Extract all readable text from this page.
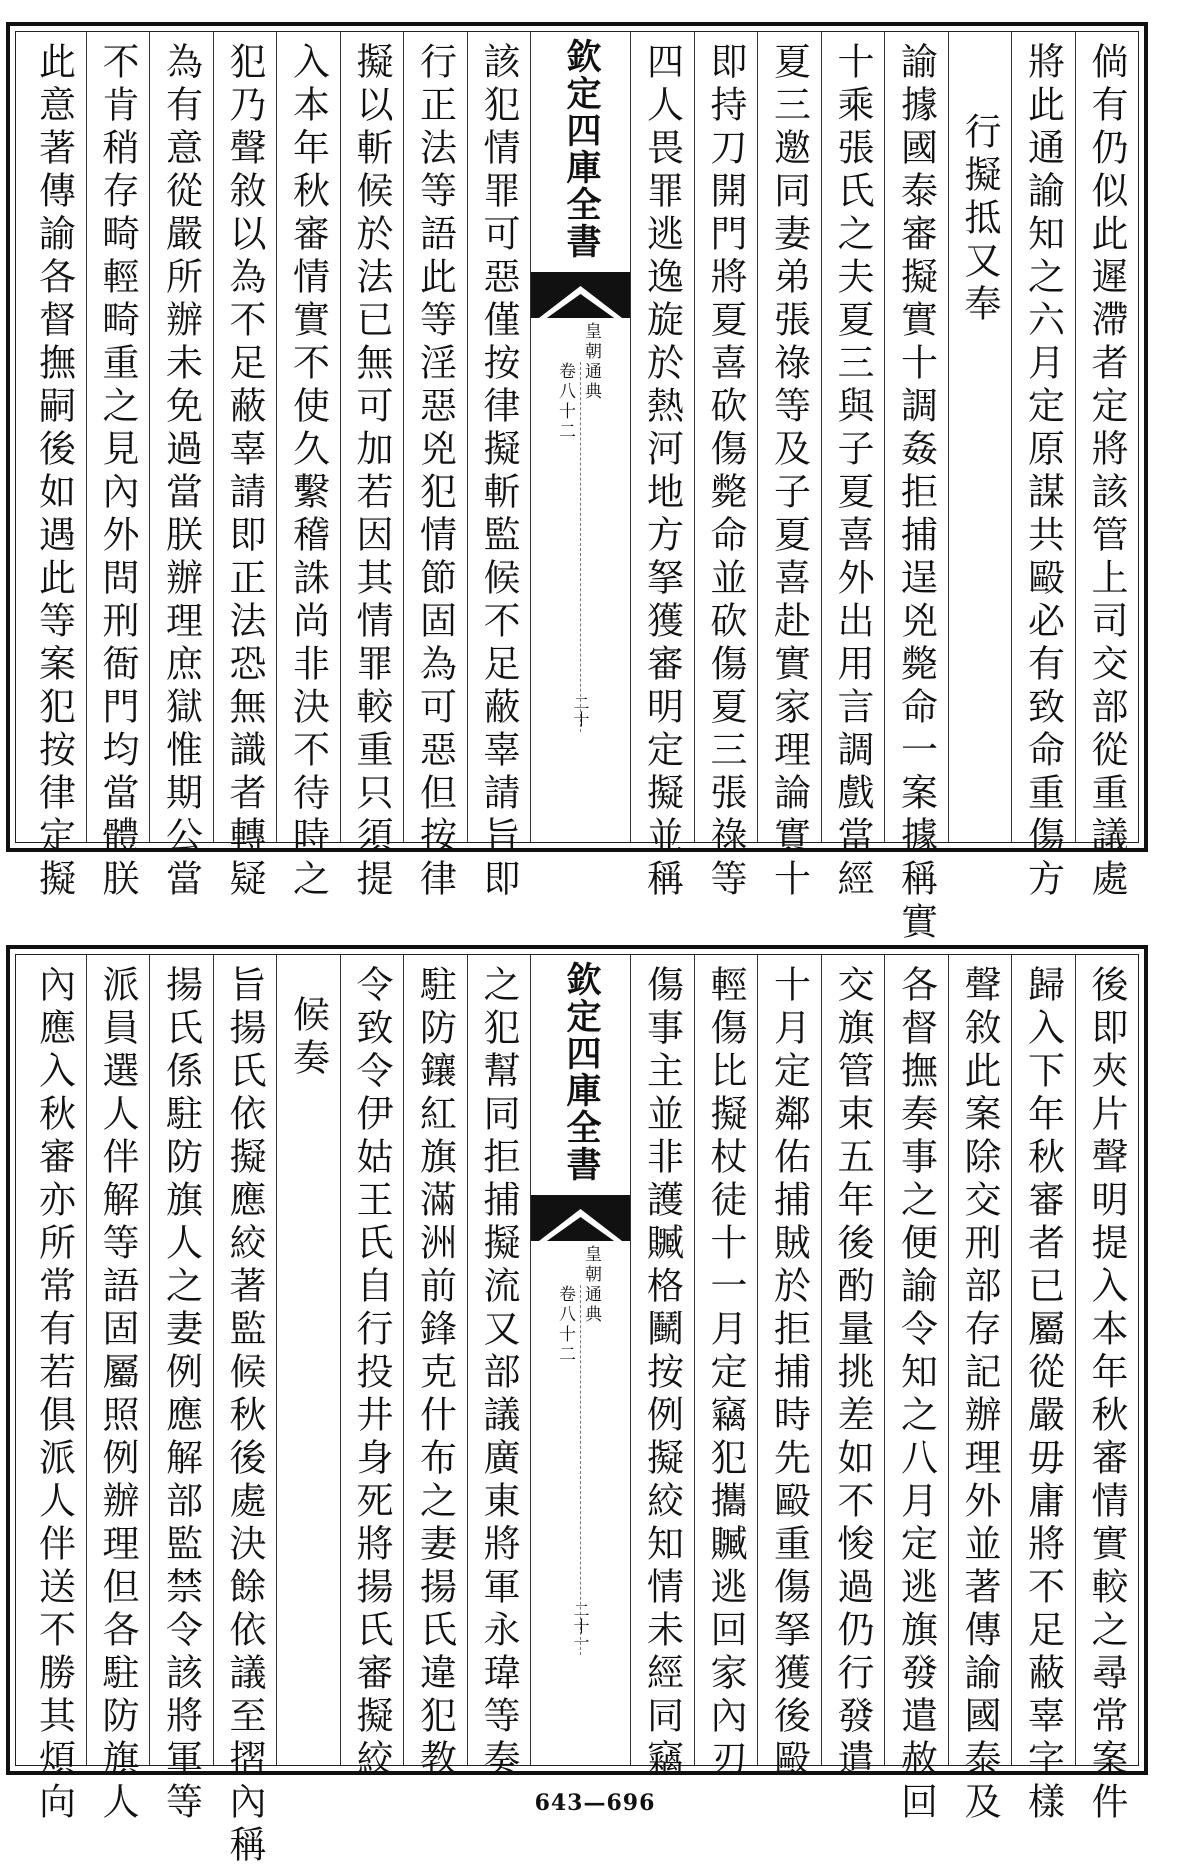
倘有仍似此遲滯者定將該管上司交部從重議處
將此通諭知之六月定原謀共毆必有致命重傷方
行擬抵又奉
諭據國泰審擬實十調姦拒捕逞兇斃命一案據稱實
十乘張氏之夫夏三與子夏喜外出用言調戲當經
夏三邀同妻弟張祿等及子夏喜赴實家理論實十
即持刀開門將夏喜砍傷斃命並砍傷夏三張祿等
四人畏罪逃逸旋於熱河地方拏獲審明定擬並稱
欽定四庫全書
皇朝通典
卷八十二
二十
該犯情罪可惡僅按律擬斬監候不足蔽辜請旨即
行正法等語此等淫惡兇犯情節固為可惡但按律
擬以斬候於法已無可加若因其情罪較重只須提
入本年秋審情實不使久繫稽誅尚非決不待時之
犯乃聲敘以為不足蔽辜請即正法恐無識者轉疑
為有意從嚴所辦未免過當朕辦理庶獄惟期公當
不肯稍存畸輕畸重之見內外問刑衙門均當體朕
此意著傳諭各督撫嗣後如遇此等案犯按律定擬
後即夾片聲明提入本年秋審情實較之尋常案件
歸入下年秋審者已屬從嚴毋庸將不足蔽辜字樣
聲敘此案除交刑部存記辦理外並著傳諭國泰及
各督撫奏事之便諭令知之八月定逃旗發遣赦回
交旗管束五年後酌量挑差如不悛過仍行發遣
十月定鄰佑捕賊於拒捕時先毆重傷拏獲後毆
輕傷比擬杖徒十一月定竊犯攜贓逃回家內刃
傷事主並非護贓格鬭按例擬絞知情未經同竊
欽定四庫全書
皇朝通典
卷八十二
二十一
之犯幫同拒捕擬流又部議廣東將軍永瑋等奏
駐防鑲紅旗滿洲前鋒克什布之妻揚氏違犯教
令致令伊姑王氏自行投井身死將揚氏審擬絞
候奏
旨揚氏依擬應絞著監候秋後處決餘依議至摺內稱
揚氏係駐防旗人之妻例應解部監禁令該將軍等
派員選人伴解等語固屬照例辦理但各駐防旗人
內應入秋審亦所常有若俱派人伴送不勝其煩向	643—696
